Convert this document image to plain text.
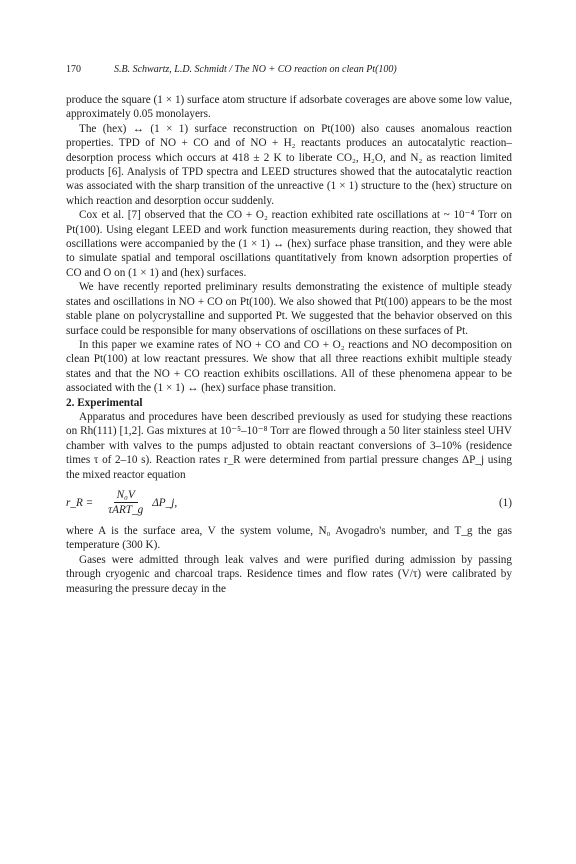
170	S.B. Schwartz, L.D. Schmidt / The NO + CO reaction on clean Pt(100)

produce the square (1 × 1) surface atom structure if adsorbate coverages are above some low value, approximately 0.05 monolayers.

The (hex) ↔ (1 × 1) surface reconstruction on Pt(100) also causes anomalous reaction properties. TPD of NO + CO and of NO + H₂ reactants produces an autocatalytic reaction–desorption process which occurs at 418 ± 2 K to liberate CO₂, H₂O, and N₂ as reaction limited products [6]. Analysis of TPD spectra and LEED structures showed that the autocatalytic reaction was associated with the sharp transition of the unreactive (1 × 1) structure to the (hex) structure on which reaction and desorption occur suddenly.

Cox et al. [7] observed that the CO + O₂ reaction exhibited rate oscillations at ~ 10⁻⁴ Torr on Pt(100). Using elegant LEED and work function measurements during reaction, they showed that oscillations were accompanied by the (1 × 1) ↔ (hex) surface phase transition, and they were able to simulate spatial and temporal oscillations quantitatively from known adsorption properties of CO and O on (1 × 1) and (hex) surfaces.

We have recently reported preliminary results demonstrating the existence of multiple steady states and oscillations in NO + CO on Pt(100). We also showed that Pt(100) appears to be the most stable plane on polycrystalline and supported Pt. We suggested that the behavior observed on this surface could be responsible for many observations of oscillations on these surfaces of Pt.

In this paper we examine rates of NO + CO and CO + O₂ reactions and NO decomposition on clean Pt(100) at low reactant pressures. We show that all three reactions exhibit multiple steady states and that the NO + CO reaction exhibits oscillations. All of these phenomena appear to be associated with the (1 × 1) ↔ (hex) surface phase transition.

2. Experimental

Apparatus and procedures have been described previously as used for studying these reactions on Rh(111) [1,2]. Gas mixtures at 10⁻⁵–10⁻⁸ Torr are flowed through a 50 liter stainless steel UHV chamber with valves to the pumps adjusted to obtain reactant conversions of 3–10% (residence times τ of 2–10 s). Reaction rates r_R were determined from partial pressure changes ΔP_j using the mixed reactor equation

r_R = $\frac{\text{N₀V}}{\text{τART\_g}}$ ΔP_j,	(1)

where A is the surface area, V the system volume, N₀ Avogadro's number, and T_g the gas temperature (300 K).

Gases were admitted through leak valves and were purified during admission by passing through cryogenic and charcoal traps. Residence times and flow rates (V/τ) were calibrated by measuring the pressure decay in the
